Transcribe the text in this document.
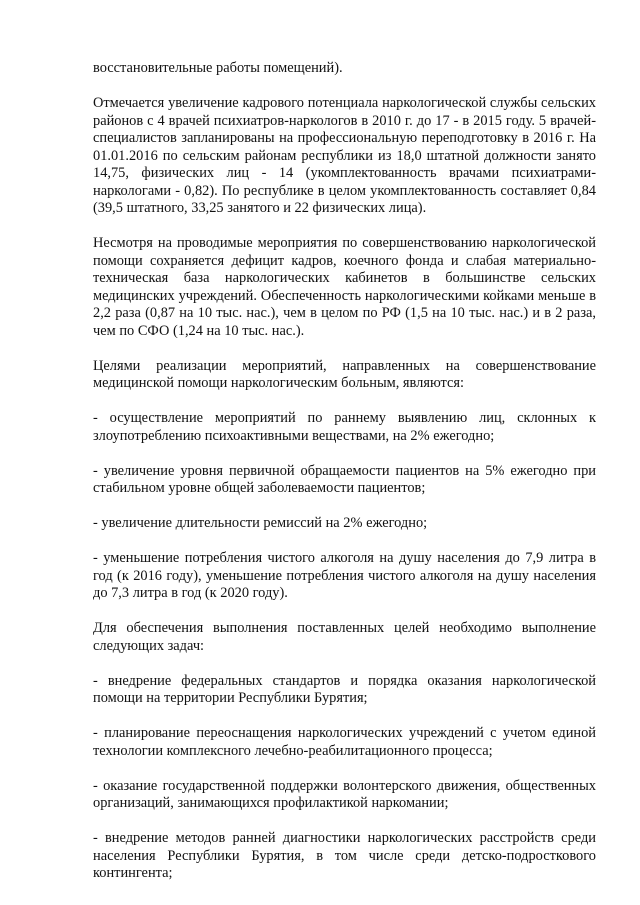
восстановительные работы помещений).

Отмечается увеличение кадрового потенциала наркологической службы сельских районов с 4 врачей психиатров-наркологов в 2010 г. до 17 - в 2015 году. 5 врачей-специалистов запланированы на профессиональную переподготовку в 2016 г. На 01.01.2016 по сельским районам республики из 18,0 штатной должности занято 14,75, физических лиц - 14 (укомплектованность врачами психиатрами-наркологами - 0,82). По республике в целом укомплектованность составляет 0,84 (39,5 штатного, 33,25 занятого и 22 физических лица).

Несмотря на проводимые мероприятия по совершенствованию наркологической помощи сохраняется дефицит кадров, коечного фонда и слабая материально-техническая база наркологических кабинетов в большинстве сельских медицинских учреждений. Обеспеченность наркологическими койками меньше в 2,2 раза (0,87 на 10 тыс. нас.), чем в целом по РФ (1,5 на 10 тыс. нас.) и в 2 раза, чем по СФО (1,24 на 10 тыс. нас.).

Целями реализации мероприятий, направленных на совершенствование медицинской помощи наркологическим больным, являются:

- осуществление мероприятий по раннему выявлению лиц, склонных к злоупотреблению психоактивными веществами, на 2% ежегодно;

- увеличение уровня первичной обращаемости пациентов на 5% ежегодно при стабильном уровне общей заболеваемости пациентов;

- увеличение длительности ремиссий на 2% ежегодно;

- уменьшение потребления чистого алкоголя на душу населения до 7,9 литра в год (к 2016 году), уменьшение потребления чистого алкоголя на душу населения до 7,3 литра в год (к 2020 году).

Для обеспечения выполнения поставленных целей необходимо выполнение следующих задач:

- внедрение федеральных стандартов и порядка оказания наркологической помощи на территории Республики Бурятия;

- планирование переоснащения наркологических учреждений с учетом единой технологии комплексного лечебно-реабилитационного процесса;

- оказание государственной поддержки волонтерского движения, общественных организаций, занимающихся профилактикой наркомании;

- внедрение методов ранней диагностики наркологических расстройств среди населения Республики Бурятия, в том числе среди детско-подросткового контингента;
